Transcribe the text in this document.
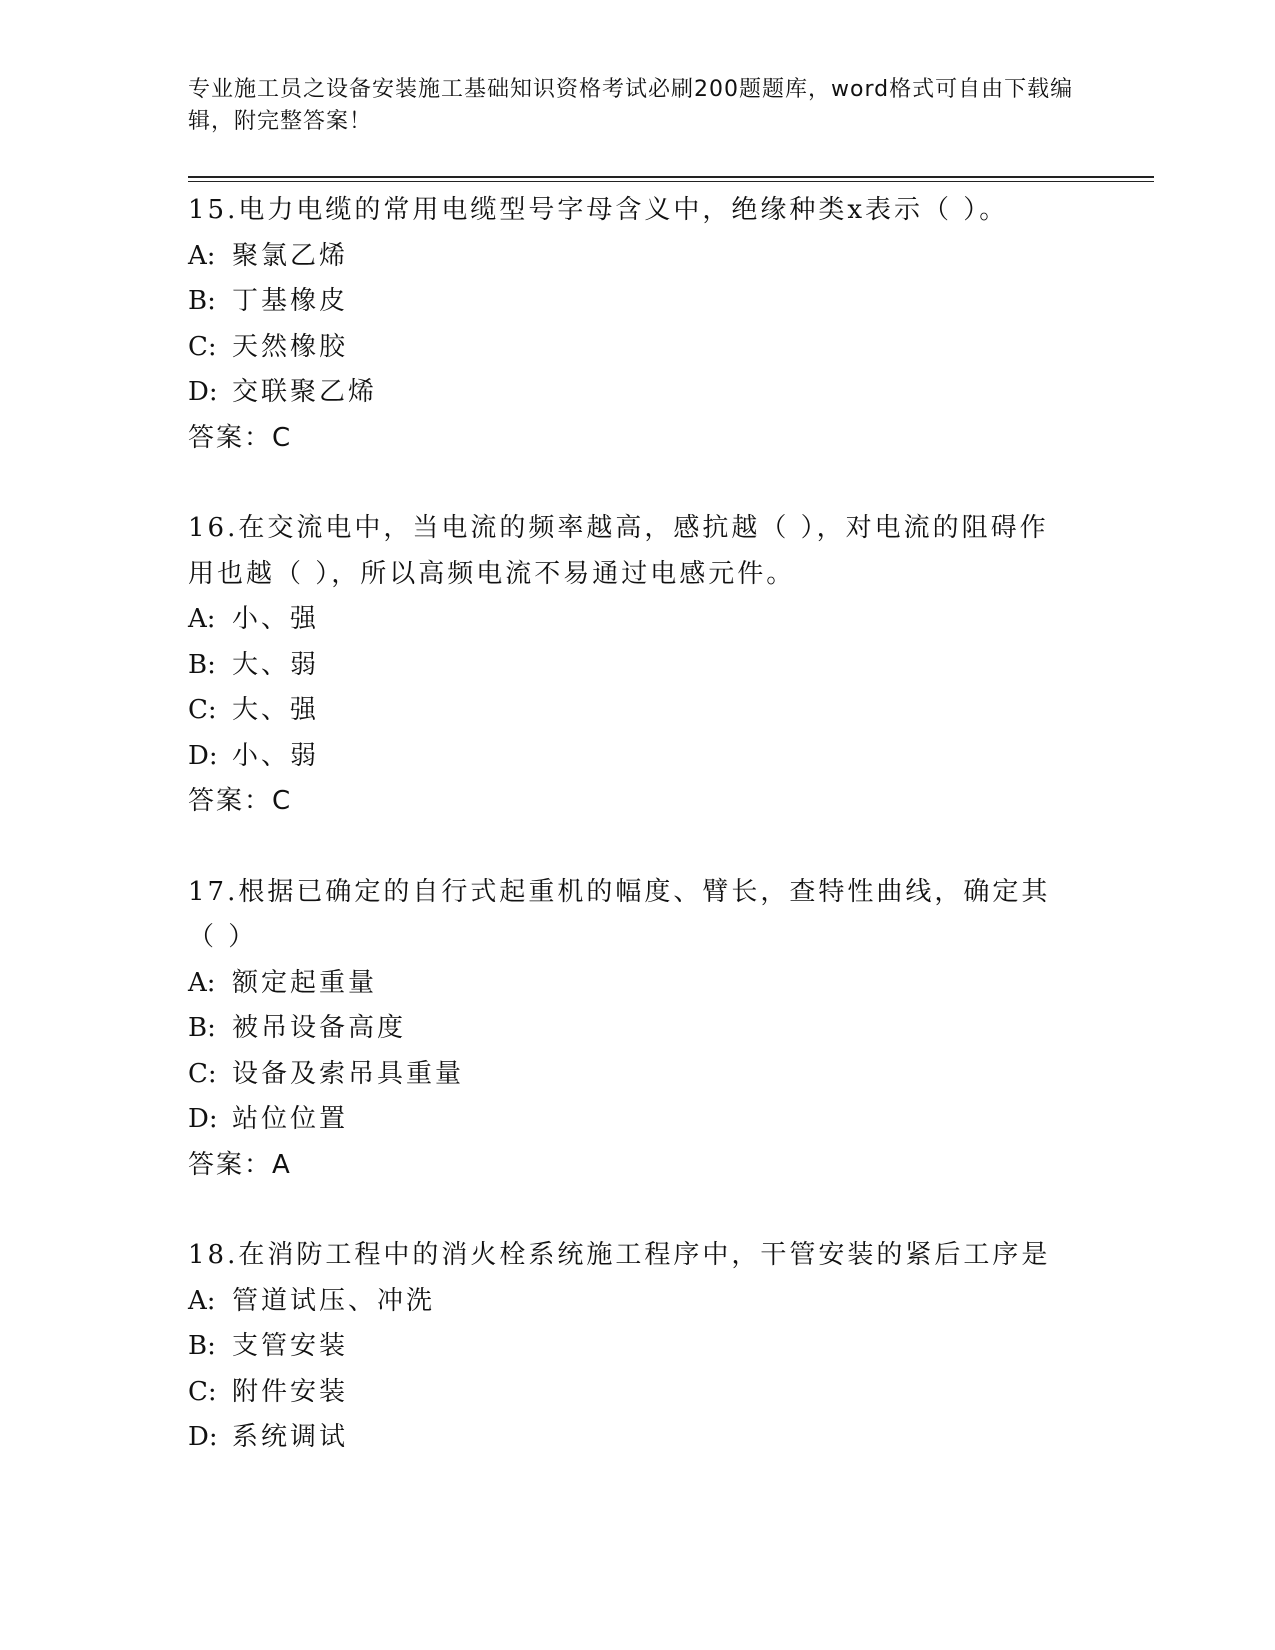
专业施工员之设备安装施工基础知识资格考试必刷200题题库，word格式可自由下载编辑，附完整答案！

15.电力电缆的常用电缆型号字母含义中，绝缘种类x表示（ ）。

A: 聚氯乙烯

B: 丁基橡皮

C: 天然橡胶

D: 交联聚乙烯

答案：C

16.在交流电中，当电流的频率越高，感抗越（ ），对电流的阻碍作用也越（ ），所以高频电流不易通过电感元件。

A: 小、强

B: 大、弱

C: 大、强

D: 小、弱

答案：C

17.根据已确定的自行式起重机的幅度、臂长，查特性曲线，确定其（ ）

A: 额定起重量

B: 被吊设备高度

C: 设备及索吊具重量

D: 站位位置

答案：A

18.在消防工程中的消火栓系统施工程序中，干管安装的紧后工序是

A: 管道试压、冲洗

B: 支管安装

C: 附件安装

D: 系统调试
